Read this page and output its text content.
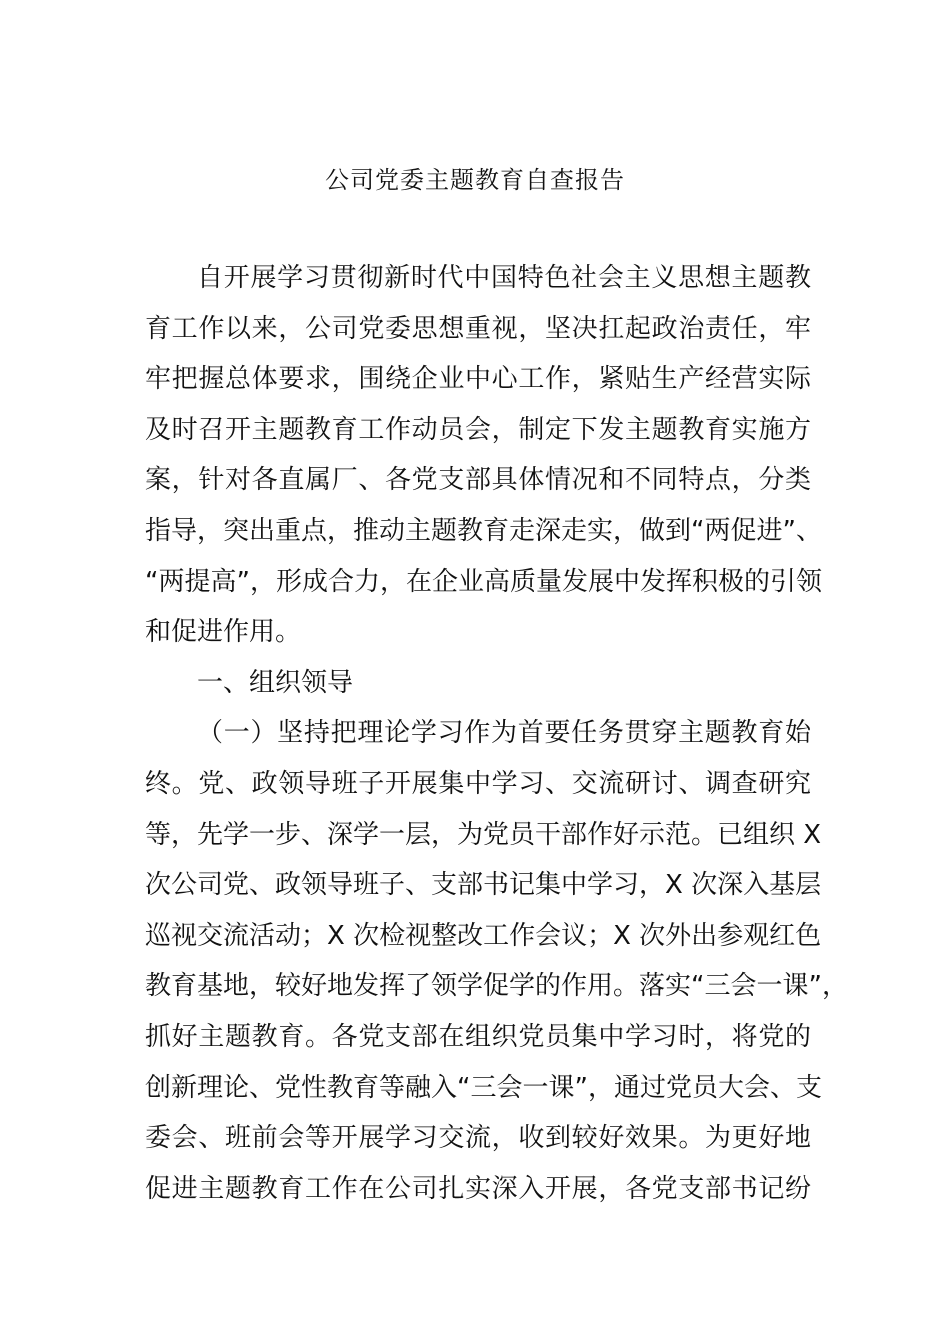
公司党委主题教育自查报告
自开展学习贯彻新时代中国特色社会主义思想主题教
育工作以来，公司党委思想重视，坚决扛起政治责任，牢
牢把握总体要求，围绕企业中心工作，紧贴生产经营实际
及时召开主题教育工作动员会，制定下发主题教育实施方
案，针对各直属厂、各党支部具体情况和不同特点，分类
指导，突出重点，推动主题教育走深走实，做到“两促进”、
“两提高”，形成合力，在企业高质量发展中发挥积极的引领
和促进作用。
一、组织领导
（一）坚持把理论学习作为首要任务贯穿主题教育始
终。党、政领导班子开展集中学习、交流研讨、调查研究
等，先学一步、深学一层，为党员干部作好示范。已组织 X
次公司党、政领导班子、支部书记集中学习，X 次深入基层
巡视交流活动；X 次检视整改工作会议；X 次外出参观红色
教育基地，较好地发挥了领学促学的作用。落实“三会一课”，
抓好主题教育。各党支部在组织党员集中学习时，将党的
创新理论、党性教育等融入“三会一课”，通过党员大会、支
委会、班前会等开展学习交流，收到较好效果。为更好地
促进主题教育工作在公司扎实深入开展，各党支部书记纷
